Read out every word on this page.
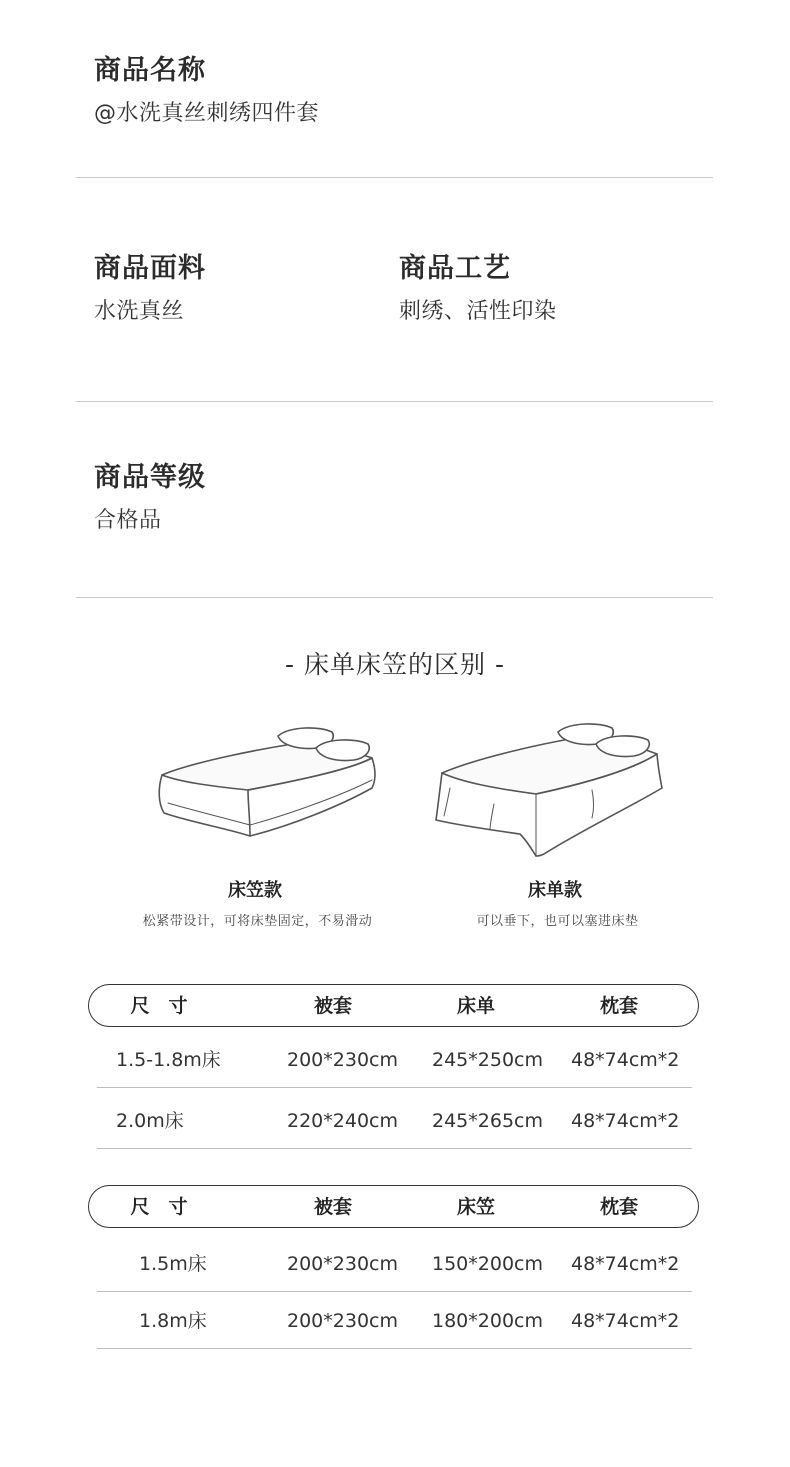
商品名称
@水洗真丝刺绣四件套
商品面料
水洗真丝
商品工艺
刺绣、活性印染
商品等级
合格品
- 床单床笠的区别 -
床笠款
松紧带设计，可将床垫固定，不易滑动
床单款
可以垂下，也可以塞进床垫
尺　寸	被套	床单	枕套
1.5-1.8m床	200*230cm 245*250cm 48*74cm*2
2.0m床	220*240cm 245*265cm 48*74cm*2
尺　寸	被套	床笠	枕套
1.5m床	200*230cm 150*200cm 48*74cm*2
1.8m床	200*230cm 180*200cm 48*74cm*2
